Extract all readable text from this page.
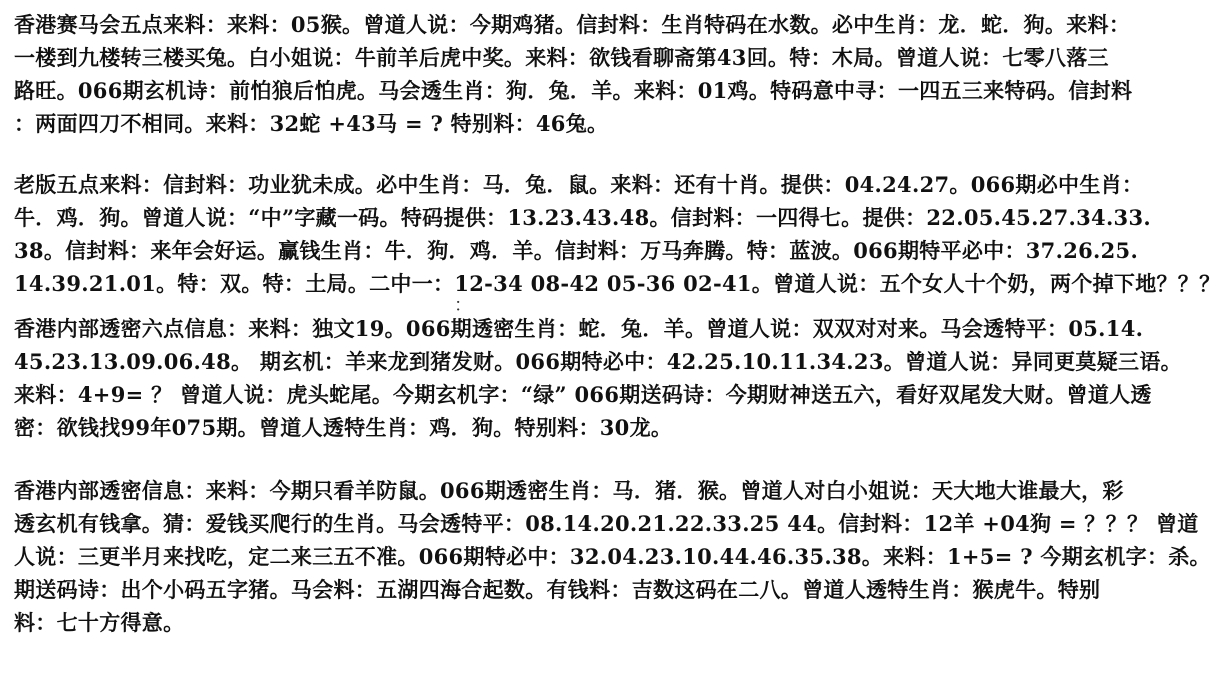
香港赛马会五点来料：来料：05猴。曾道人说：今期鸡猪。信封料：生肖特码在水数。必中生肖：龙．蛇．狗。来料：
一楼到九楼转三楼买兔。白小姐说：牛前羊后虎中奖。来料：欲钱看聊斋第43回。特：木局。曾道人说：七零八落三
路旺。066期玄机诗：前怕狼后怕虎。马会透生肖：狗．兔．羊。来料：01鸡。特码意中寻：一四五三来特码。信封料
：两面四刀不相同。来料：32蛇 +43马 = ? 特别料：46兔。
老版五点来料：信封料：功业犹未成。必中生肖：马．兔．鼠。来料：还有十肖。提供：04.24.27。066期必中生肖：
牛．鸡．狗。曾道人说：“中”字藏一码。特码提供：13.23.43.48。信封料：一四得七。提供：22.05.45.27.34.33.
38。信封料：来年会好运。赢钱生肖：牛．狗．鸡．羊。信封料：万马奔腾。特：蓝波。066期特平必中：37.26.25.
14.39.21.01。特：双。特：土局。二中一：12-34 08-42 05-36 02-41。曾道人说：五个女人十个奶，两个掉下地？？？
：
香港内部透密六点信息：来料：独文19。066期透密生肖：蛇．兔．羊。曾道人说：双双对对来。马会透特平：05.14.
45.23.13.09.06.48。 期玄机：羊来龙到猪发财。066期特必中：42.25.10.11.34.23。曾道人说：异同更莫疑三语。
来料：4+9= ？ 曾道人说：虎头蛇尾。今期玄机字：“绿” 066期送码诗：今期财神送五六，看好双尾发大财。曾道人透
密：欲钱找99年075期。曾道人透特生肖：鸡．狗。特别料：30龙。
香港内部透密信息：来料：今期只看羊防鼠。066期透密生肖：马．猪．猴。曾道人对白小姐说：天大地大谁最大，彩
透玄机有钱拿。猜：爱钱买爬行的生肖。马会透特平：08.14.20.21.22.33.25 44。信封料：12羊 +04狗 = ？？？ 曾道
人说：三更半月来找吃，定二来三五不准。066期特必中：32.04.23.10.44.46.35.38。来料：1+5= ? 今期玄机字：杀。
期送码诗：出个小码五字猪。马会料：五湖四海合起数。有钱料：吉数这码在二八。曾道人透特生肖：猴虎牛。特别
料：七十方得意。
